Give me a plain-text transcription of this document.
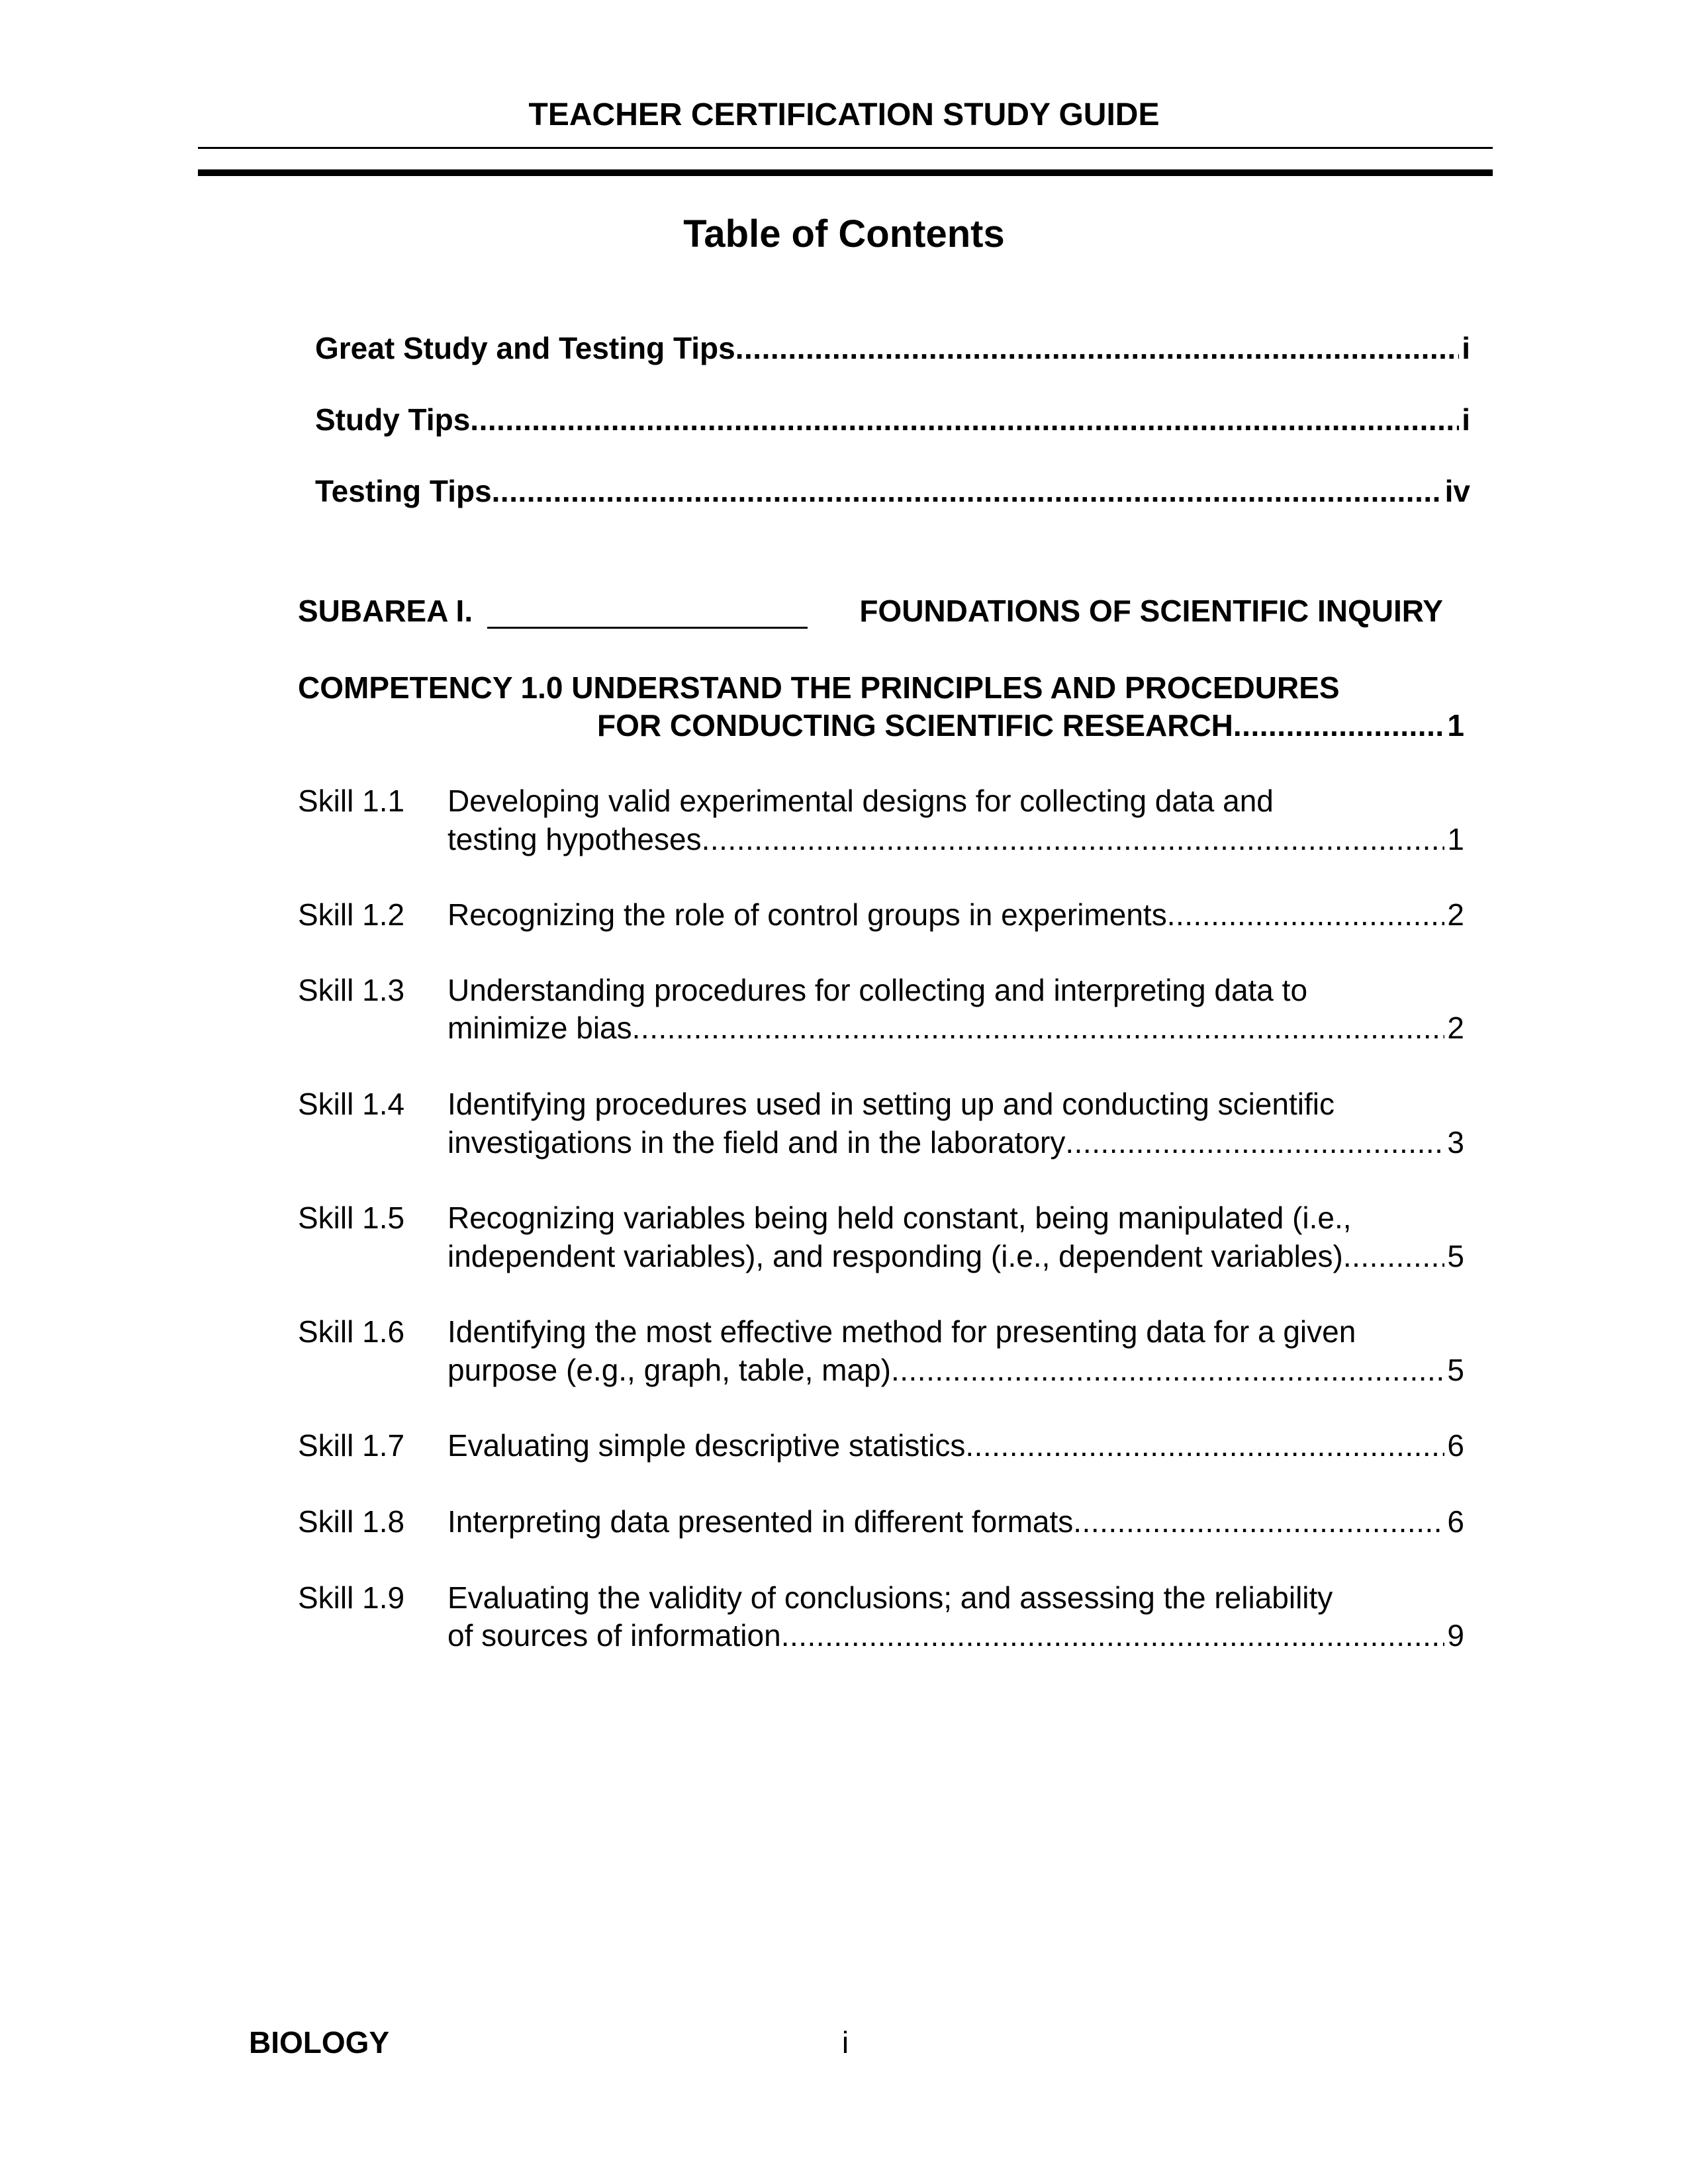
TEACHER CERTIFICATION STUDY GUIDE
Table of Contents
Great Study and Testing Tips .....	i
Study Tips .....	i
Testing Tips .....	iv
SUBAREA I.	FOUNDATIONS OF SCIENTIFIC INQUIRY
COMPETENCY 1.0 UNDERSTAND THE PRINCIPLES AND PROCEDURES
FOR CONDUCTING SCIENTIFIC RESEARCH .....	1
Skill 1.1 Developing valid experimental designs for collecting data and
testing hypotheses .....	1
Skill 1.2 Recognizing the role of control groups in experiments .....	2
Skill 1.3 Understanding procedures for collecting and interpreting data to
minimize bias .....	2
Skill 1.4 Identifying procedures used in setting up and conducting scientific
investigations in the field and in the laboratory .....	3
Skill 1.5 Recognizing variables being held constant, being manipulated (i.e.,
independent variables), and responding (i.e., dependent variables) .....	5
Skill 1.6 Identifying the most effective method for presenting data for a given
purpose (e.g., graph, table, map) .....	5
Skill 1.7 Evaluating simple descriptive statistics .....	6
Skill 1.8 Interpreting data presented in different formats .....	6
Skill 1.9 Evaluating the validity of conclusions; and assessing the reliability
of sources of information .....	9
BIOLOGY	i
